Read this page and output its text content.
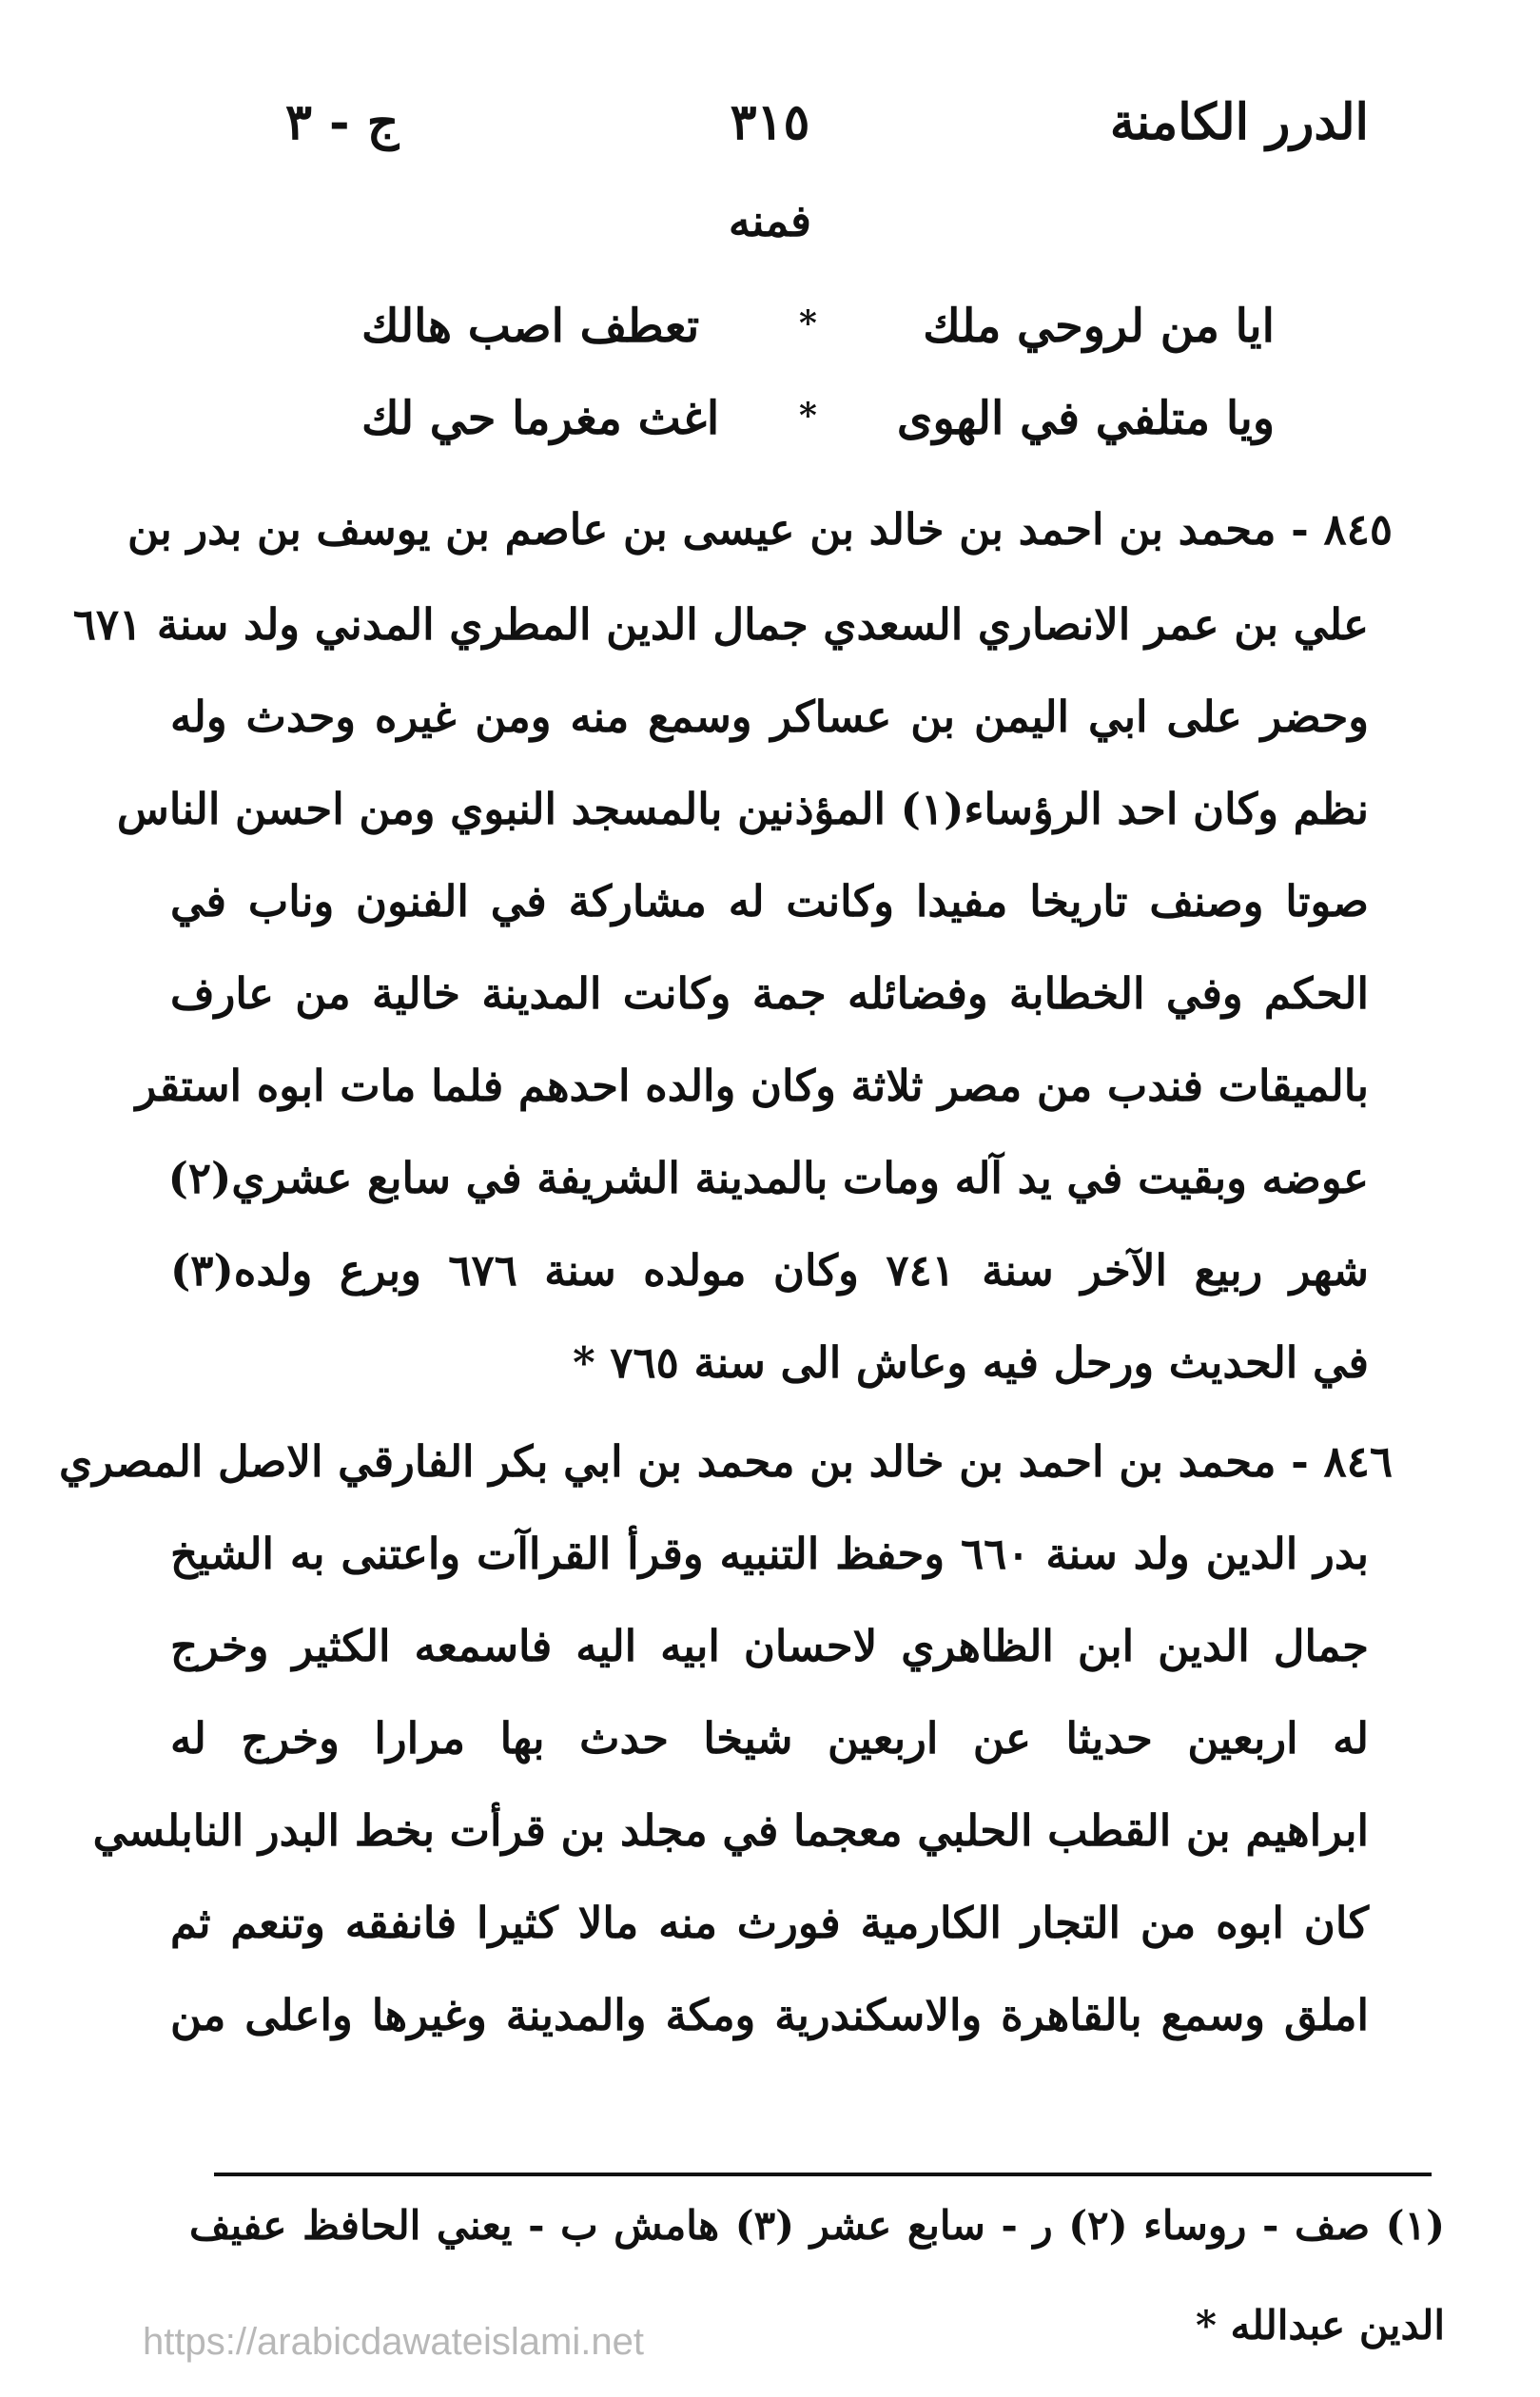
الدرر الكامنة
٣١٥
ج - ٣
فمنه
ايا من لروحي ملك
*
تعطف اصب هالك
ويا متلفي في الهوى
*
اغث مغرما حي لك
٨٤٥ - محمد بن احمد بن خالد بن عيسى بن عاصم بن يوسف بن بدر بن
علي بن عمر الانصاري السعدي جمال الدين المطري المدني ولد سنة ٦٧١
وحضر على ابي اليمن بن عساكر وسمع منه ومن غيره وحدث وله
نظم وكان احد الرؤساء(١) المؤذنين بالمسجد النبوي ومن احسن الناس
صوتا وصنف تاريخا مفيدا وكانت له مشاركة في الفنون وناب في
الحكم وفي الخطابة وفضائله جمة وكانت المدينة خالية من عارف
بالميقات فندب من مصر ثلاثة وكان والده احدهم فلما مات ابوه استقر
عوضه وبقيت في يد آله ومات بالمدينة الشريفة في سابع عشري(٢)
شهر ربيع الآخر سنة ٧٤١ وكان مولده سنة ٦٧٦ وبرع ولده(٣)
في الحديث ورحل فيه وعاش الى سنة ٧٦٥ *
٨٤٦ - محمد بن احمد بن خالد بن محمد بن ابي بكر الفارقي الاصل المصري
بدر الدين ولد سنة ٦٦٠ وحفظ التنبيه وقرأ القراآت واعتنى به الشيخ
جمال الدين ابن الظاهري لاحسان ابيه اليه فاسمعه الكثير وخرج
له اربعين حديثا عن اربعين شيخا حدث بها مرارا وخرج له
ابراهيم بن القطب الحلبي معجما في مجلد بن قرأت بخط البدر النابلسي
كان ابوه من التجار الكارمية فورث منه مالا كثيرا فانفقه وتنعم ثم
املق وسمع بالقاهرة والاسكندرية ومكة والمدينة وغيرها واعلى من
(١) صف - روساء (٢) ر - سابع عشر (٣) هامش ب - يعني الحافظ عفيف
الدين عبدالله *
https://arabicdawateislami.net
